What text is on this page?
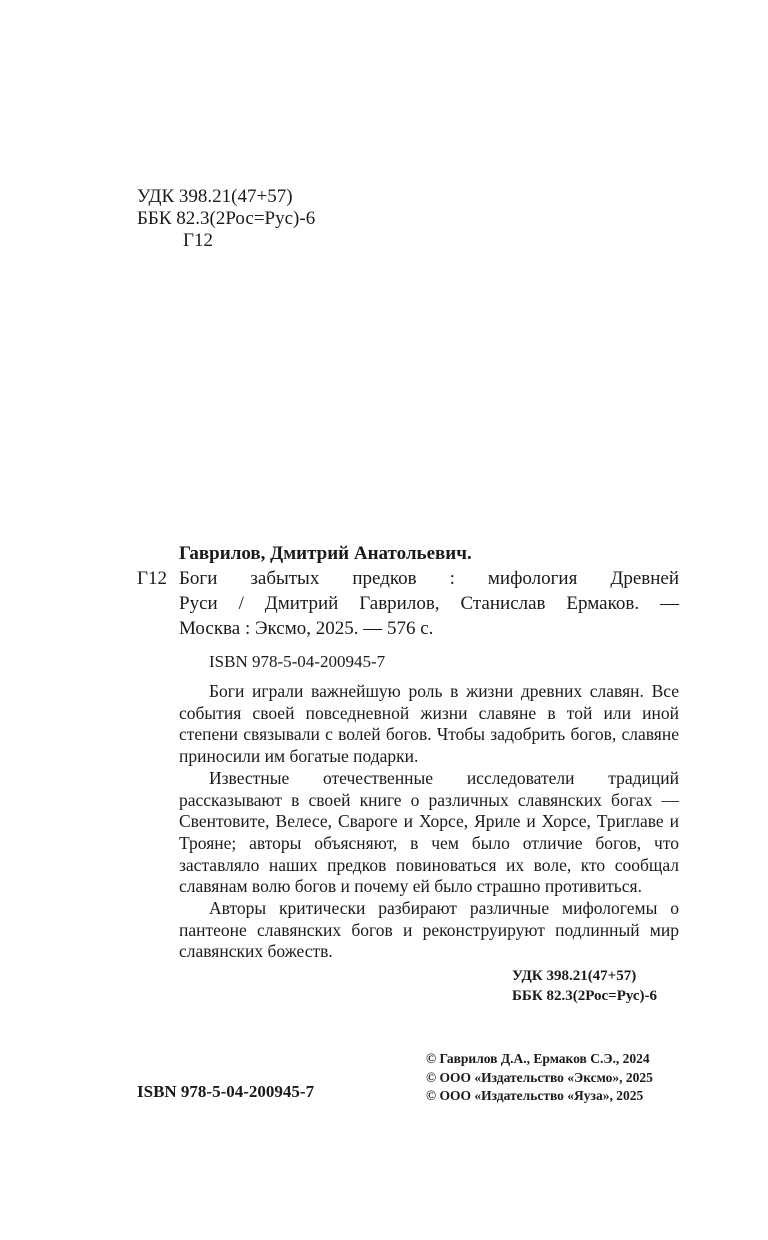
УДК 398.21(47+57)
ББК 82.3(2Рос=Рус)-6
Г12
Гаврилов, Дмитрий Анатольевич.
Г12 Боги забытых предков : мифология Древней

Руси / Дмитрий Гаврилов, Станислав Ермаков. —

Москва : Эксмо, 2025. — 576 с.

ISBN 978-5-04-200945-7

Боги играли важнейшую роль в жизни древних славян. Все события своей повседневной жизни славяне в той или иной степени связывали с волей богов. Чтобы задобрить богов, славяне приносили им богатые подарки.

Известные отечественные исследователи традиций рассказывают в своей книге о различных славянских богах — Свентовите, Велесе, Свароге и Хорсе, Яриле и Хорсе, Триглаве и Трояне; авторы объясняют, в чем было отличие богов, что заставляло наших предков повиноваться их воле, кто сообщал славянам волю богов и почему ей было страшно противиться.

Авторы критически разбирают различные мифологемы о пантеоне славянских богов и реконструируют подлинный мир славянских божеств.

УДК 398.21(47+57)
ББК 82.3(2Рос=Рус)-6
© Гаврилов Д.А., Ермаков С.Э., 2024
© ООО «Издательство «Эксмо», 2025
© ООО «Издательство «Яуза», 2025
ISBN 978-5-04-200945-7
